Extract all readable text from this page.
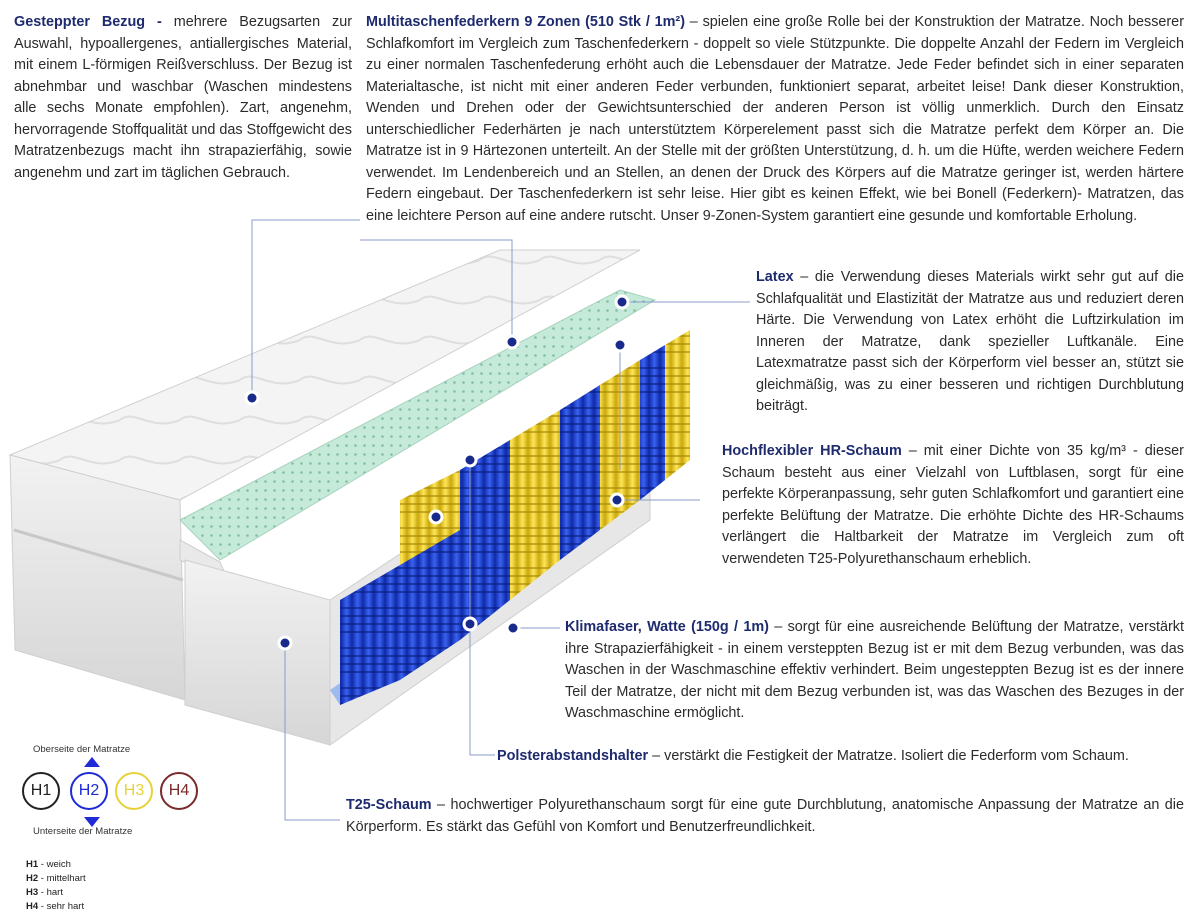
Gesteppter Bezug - mehrere Bezugsarten zur Auswahl, hypoallergenes, antiallergisches Material, mit einem L-förmigen Reißverschluss. Der Bezug ist abnehmbar und waschbar (Waschen mindestens alle sechs Monate empfohlen). Zart, angenehm, hervorragende Stoffqualität und das Stoffgewicht des Matratzenbezugs macht ihn strapazierfähig, sowie angenehm und zart im täglichen Gebrauch.
Multitaschenfederkern 9 Zonen (510 Stk / 1m²) – spielen eine große Rolle bei der Konstruktion der Matratze. Noch besserer Schlafkomfort im Vergleich zum Taschenfederkern - doppelt so viele Stützpunkte. Die doppelte Anzahl der Federn im Vergleich zu einer normalen Taschenfederung erhöht auch die Lebensdauer der Matratze. Jede Feder befindet sich in einer separaten Materialtasche, ist nicht mit einer anderen Feder verbunden, funktioniert separat, arbeitet leise! Dank dieser Konstruktion, Wenden und Drehen oder der Gewichtsunterschied der anderen Person ist völlig unmerklich. Durch den Einsatz unterschiedlicher Federhärten je nach unterstütztem Körperelement passt sich die Matratze perfekt dem Körper an. Die Matratze ist in 9 Härtezonen unterteilt. An der Stelle mit der größten Unterstützung, d. h. um die Hüfte, werden weichere Federn verwendet. Im Lendenbereich und an Stellen, an denen der Druck des Körpers auf die Matratze geringer ist, werden härtere Federn eingebaut. Der Taschenfederkern ist sehr leise. Hier gibt es keinen Effekt, wie bei Bonell (Federkern)- Matratzen, das eine leichtere Person auf eine andere rutscht. Unser 9-Zonen-System garantiert eine gesunde und komfortable Erholung.
Latex – die Verwendung dieses Materials wirkt sehr gut auf die Schlafqualität und Elastizität der Matratze aus und reduziert deren Härte. Die Verwendung von Latex erhöht die Luftzirkulation im Inneren der Matratze, dank spezieller Luftkanäle. Eine Latexmatratze passt sich der Körperform viel besser an, stützt sie gleichmäßig, was zu einer besseren und richtigen Durchblutung beiträgt.
Hochflexibler HR-Schaum – mit einer Dichte von 35 kg/m³ - dieser Schaum besteht aus einer Vielzahl von Luftblasen, sorgt für eine perfekte Körperanpassung, sehr guten Schlafkomfort und garantiert eine perfekte Belüftung der Matratze. Die erhöhte Dichte des HR-Schaums verlängert die Haltbarkeit der Matratze im Vergleich zum oft verwendeten T25-Polyurethanschaum erheblich.
Klimafaser, Watte (150g / 1m) – sorgt für eine ausreichende Belüftung der Matratze, verstärkt ihre Strapazierfähigkeit - in einem versteppten Bezug ist er mit dem Bezug verbunden, was das Waschen in der Waschmaschine effektiv verhindert. Beim ungesteppten Bezug ist es der innere Teil der Matratze, der nicht mit dem Bezug verbunden ist, was das Waschen des Bezuges in der Waschmaschine ermöglicht.
Polsterabstandshalter – verstärkt die Festigkeit der Matratze. Isoliert die Federform vom Schaum.
T25-Schaum – hochwertiger Polyurethanschaum sorgt für eine gute Durchblutung, anatomische Anpassung der Matratze an die Körperform. Es stärkt das Gefühl von Komfort und Benutzerfreundlichkeit.
Oberseite der Matratze
H1	H2	H3	H4
Unterseite der Matratze
H1 - weich
H2 - mittelhart
H3 - hart
H4 - sehr hart
